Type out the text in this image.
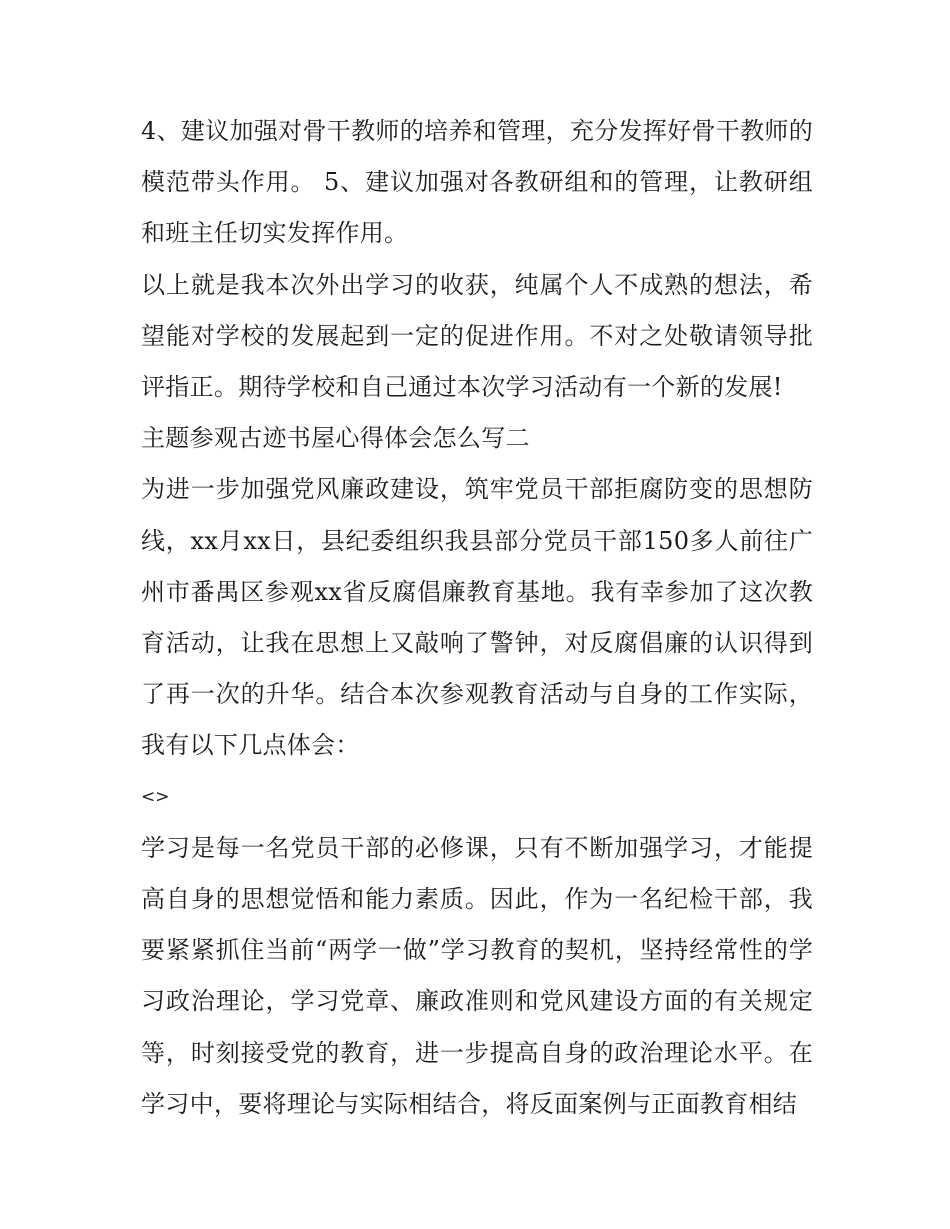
4、建议加强对骨干教师的培养和管理，充分发挥好骨干教师的模范带头作用。 5、建议加强对各教研组和的管理，让教研组和班主任切实发挥作用。

以上就是我本次外出学习的收获，纯属个人不成熟的想法，希望能对学校的发展起到一定的促进作用。不对之处敬请领导批评指正。期待学校和自己通过本次学习活动有一个新的发展!

主题参观古迹书屋心得体会怎么写二

为进一步加强党风廉政建设，筑牢党员干部拒腐防变的思想防线，xx月xx日，县纪委组织我县部分党员干部150多人前往广州市番禺区参观xx省反腐倡廉教育基地。我有幸参加了这次教育活动，让我在思想上又敲响了警钟，对反腐倡廉的认识得到了再一次的升华。结合本次参观教育活动与自身的工作实际，我有以下几点体会：

<>

学习是每一名党员干部的必修课，只有不断加强学习，才能提高自身的思想觉悟和能力素质。因此，作为一名纪检干部，我要紧紧抓住当前“两学一做”学习教育的契机，坚持经常性的学习政治理论，学习党章、廉政准则和党风建设方面的有关规定等，时刻接受党的教育，进一步提高自身的政治理论水平。在学习中，要将理论与实际相结合，将反面案例与正面教育相结
